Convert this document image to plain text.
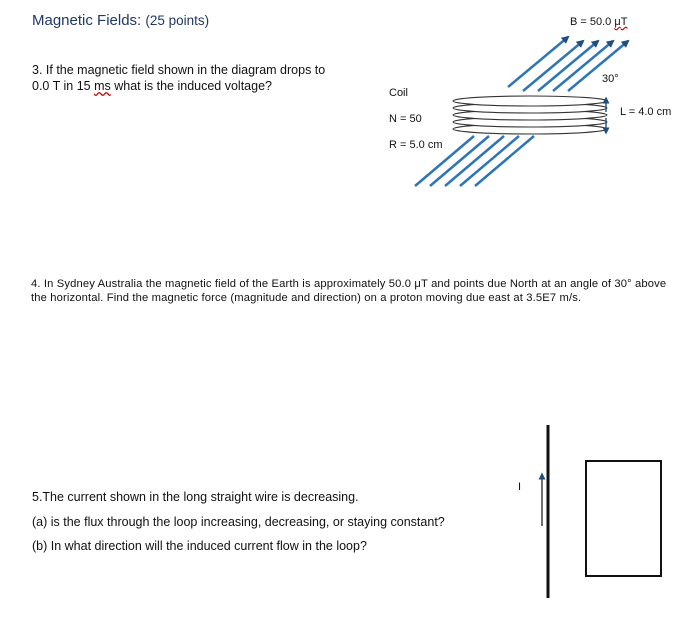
Magnetic Fields: (25 points)
3. If the magnetic field shown in the diagram drops to
0.0 T in 15 ms what is the induced voltage?
B = 50.0 μT
30°
L = 4.0 cm
Coil
N = 50
R = 5.0 cm
4. In Sydney Australia the magnetic field of the Earth is approximately 50.0 μT and points due North at an angle of 30° above the horizontal. Find the magnetic force (magnitude and direction) on a proton moving due east at 3.5E7 m/s.
5.The current shown in the long straight wire is decreasing.
(a) is the flux through the loop increasing, decreasing, or staying constant?
(b) In what direction will the induced current flow in the loop?
I
